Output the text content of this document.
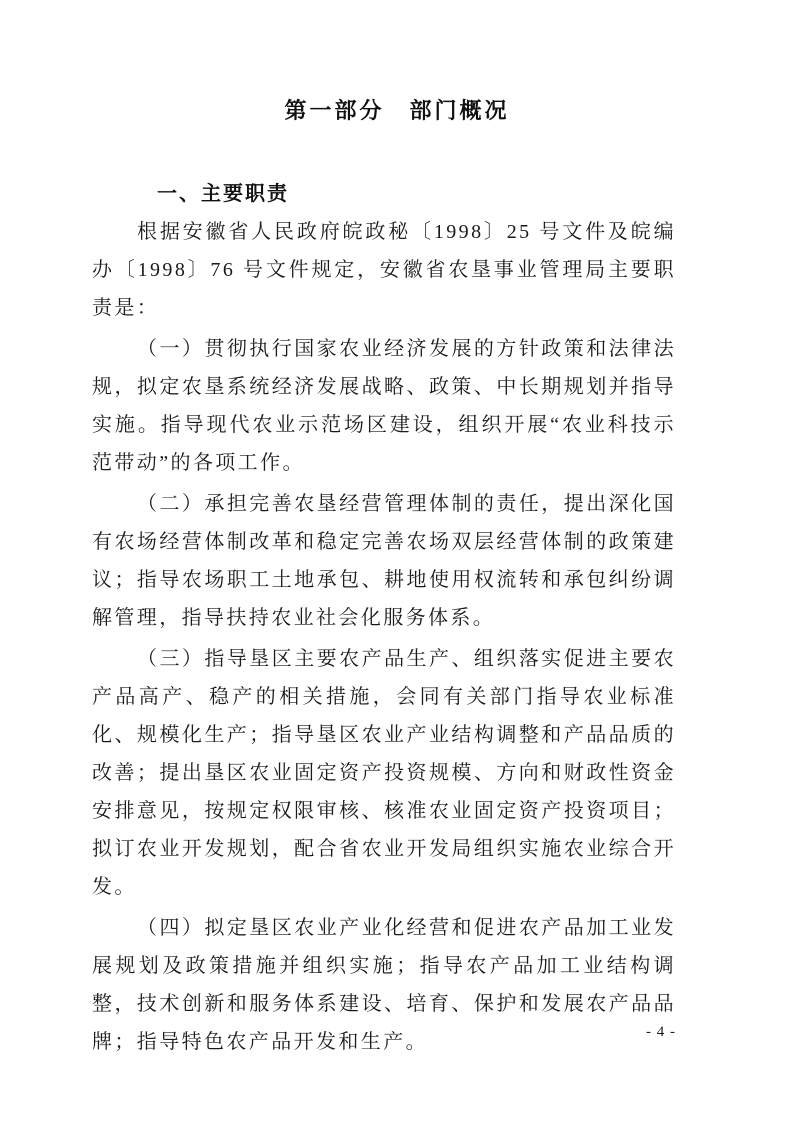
第一部分　部门概况
一、主要职责

根据安徽省人民政府皖政秘〔1998〕25 号文件及皖编办〔1998〕76 号文件规定，安徽省农垦事业管理局主要职责是：

（一）贯彻执行国家农业经济发展的方针政策和法律法规，拟定农垦系统经济发展战略、政策、中长期规划并指导实施。指导现代农业示范场区建设，组织开展“农业科技示范带动”的各项工作。

（二）承担完善农垦经营管理体制的责任，提出深化国有农场经营体制改革和稳定完善农场双层经营体制的政策建议；指导农场职工土地承包、耕地使用权流转和承包纠纷调解管理，指导扶持农业社会化服务体系。

（三）指导垦区主要农产品生产、组织落实促进主要农产品高产、稳产的相关措施，会同有关部门指导农业标准化、规模化生产；指导垦区农业产业结构调整和产品品质的改善；提出垦区农业固定资产投资规模、方向和财政性资金安排意见，按规定权限审核、核准农业固定资产投资项目；拟订农业开发规划，配合省农业开发局组织实施农业综合开发。

（四）拟定垦区农业产业化经营和促进农产品加工业发展规划及政策措施并组织实施；指导农产品加工业结构调整，技术创新和服务体系建设、培育、保护和发展农产品品牌；指导特色农产品开发和生产。	- 4 -
